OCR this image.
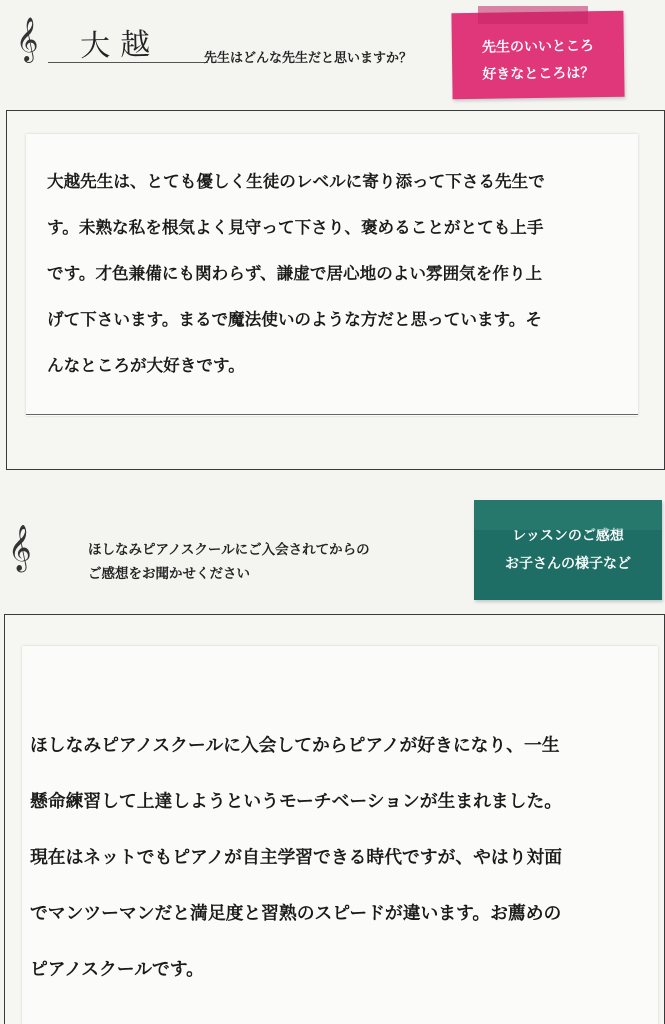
𝄞 大越	先生はどんな先生だと思いますか？
先生のいいところ
好きなところは？
大越先生は、とても優しく生徒のレベルに寄り添って下さる先生で
す。未熟な私を根気よく見守って下さり、褒めることがとても上手
です。才色兼備にも関わらず、謙虚で居心地のよい雰囲気を作り上
げて下さいます。まるで魔法使いのような方だと思っています。そ
んなところが大好きです。
𝄞	ほしなみピアノスクールにご入会されてからの
ご感想をお聞かせください
レッスンのご感想
お子さんの様子など
ほしなみピアノスクールに入会してからピアノが好きになり、一生
懸命練習して上達しようというモーチベーションが生まれました。
現在はネットでもピアノが自主学習できる時代ですが、やはり対面
でマンツーマンだと満足度と習熟のスピードが違います。お薦めの
ピアノスクールです。
